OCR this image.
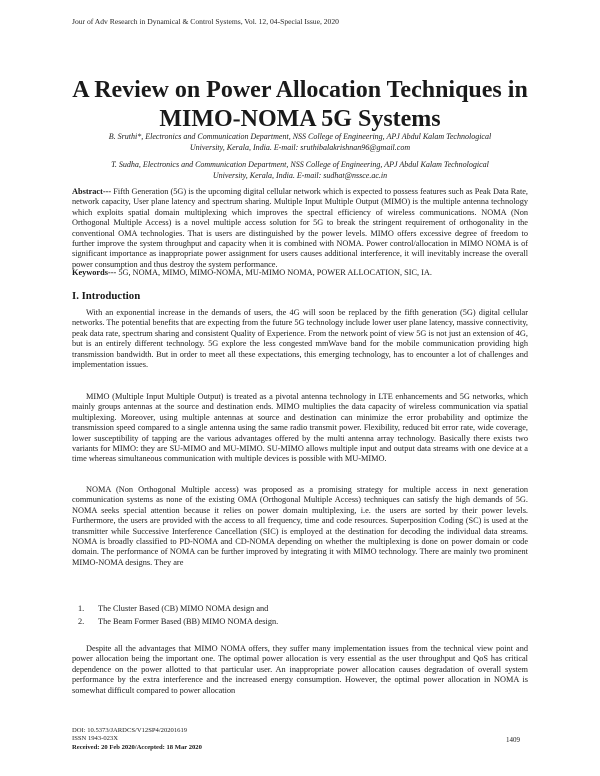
Jour of Adv Research in Dynamical & Control Systems, Vol. 12, 04-Special Issue, 2020
A Review on Power Allocation Techniques in
MIMO-NOMA 5G Systems
B. Sruthi*, Electronics and Communication Department, NSS College of Engineering, APJ Abdul Kalam Technological
University, Kerala, India. E-mail: sruthibalakrishnan96@gmail.com
T. Sudha, Electronics and Communication Department, NSS College of Engineering, APJ Abdul Kalam Technological
University, Kerala, India. E-mail: sudhat@nssce.ac.in

Abstract--- Fifth Generation (5G) is the upcoming digital cellular network which is expected to possess features such as Peak Data Rate, network capacity, User plane latency and spectrum sharing. Multiple Input Multiple Output (MIMO) is the multiple antenna technology which exploits spatial domain multiplexing which improves the spectral efficiency of wireless communications. NOMA (Non Orthogonal Multiple Access) is a novel multiple access solution for 5G to break the stringent requirement of orthogonality in the conventional OMA technologies. That is users are distinguished by the power levels. MIMO offers excessive degree of freedom to further improve the system throughput and capacity when it is combined with NOMA. Power control/allocation in MIMO NOMA is of significant importance as inappropriate power assignment for users causes additional interference, it will inevitably increase the overall power consumption and thus destroy the system performance.

Keywords--- 5G, NOMA, MIMO, MIMO-NOMA, MU-MIMO NOMA, POWER ALLOCATION, SIC, IA.

I. Introduction

With an exponential increase in the demands of users, the 4G will soon be replaced by the fifth generation (5G) digital cellular networks. The potential benefits that are expecting from the future 5G technology include lower user plane latency, massive connectivity, peak data rate, spectrum sharing and consistent Quality of Experience. From the network point of view 5G is not just an extension of 4G, but is an entirely different technology. 5G explore the less congested mmWave band for the mobile communication providing high transmission bandwidth. But in order to meet all these expectations, this emerging technology, has to encounter a lot of challenges and implementation issues.

MIMO (Multiple Input Multiple Output) is treated as a pivotal antenna technology in LTE enhancements and 5G networks, which mainly groups antennas at the source and destination ends. MIMO multiplies the data capacity of wireless communication via spatial multiplexing. Moreover, using multiple antennas at source and destination can minimize the error probability and optimize the transmission speed compared to a single antenna using the same radio transmit power. Flexibility, reduced bit error rate, wide coverage, lower susceptibility of tapping are the various advantages offered by the multi antenna array technology. Basically there exists two variants for MIMO: they are SU-MIMO and MU-MIMO. SU-MIMO allows multiple input and output data streams with one device at a time whereas simultaneous communication with multiple devices is possible with MU-MIMO.

NOMA (Non Orthogonal Multiple access) was proposed as a promising strategy for multiple access in next generation communication systems as none of the existing OMA (Orthogonal Multiple Access) techniques can satisfy the high demands of 5G. NOMA seeks special attention because it relies on power domain multiplexing, i.e. the users are sorted by their power levels. Furthermore, the users are provided with the access to all frequency, time and code resources. Superposition Coding (SC) is used at the transmitter while Successive Interference Cancellation (SIC) is employed at the destination for decoding the individual data streams. NOMA is broadly classified to PD-NOMA and CD-NOMA depending on whether the multiplexing is done on power domain or code domain. The performance of NOMA can be further improved by integrating it with MIMO technology. There are mainly two prominent MIMO-NOMA designs. They are

1. The Cluster Based (CB) MIMO NOMA design and
2. The Beam Former Based (BB) MIMO NOMA design.

Despite all the advantages that MIMO NOMA offers, they suffer many implementation issues from the technical view point and power allocation being the important one. The optimal power allocation is very essential as the user throughput and QoS has critical dependence on the power allotted to that particular user. An inappropriate power allocation causes degradation of overall system performance by the extra interference and the increased energy consumption. However, the optimal power allocation in NOMA is somewhat difficult compared to power allocation

DOI: 10.5373/JARDCS/V12SP4/20201619
ISSN 1943-023X
Received: 20 Feb 2020/Accepted: 18 Mar 2020
1409
